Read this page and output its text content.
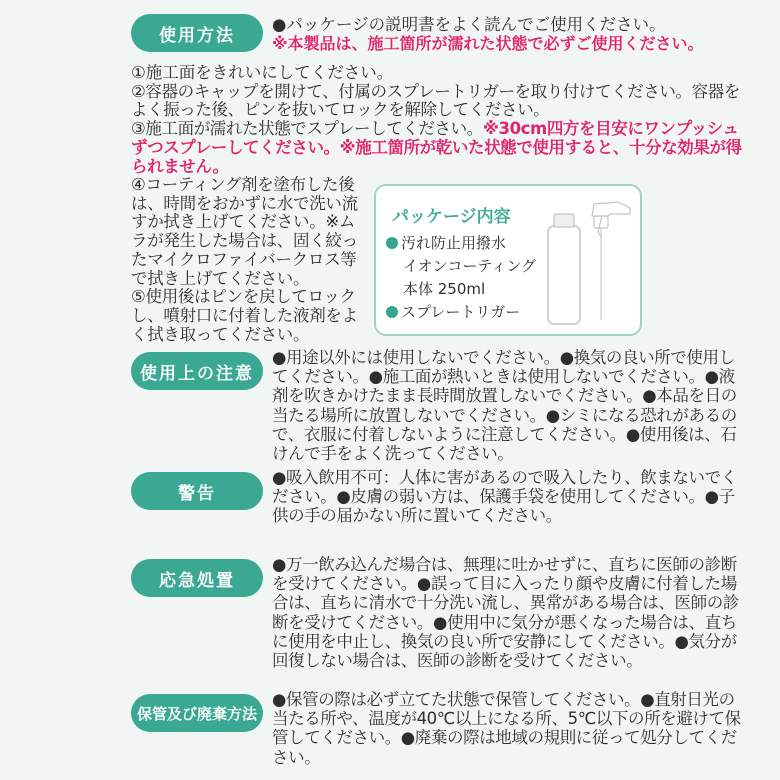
使用方法
●パッケージの説明書をよく読んでご使用ください。
※本製品は、施工箇所が濡れた状態で必ずご使用ください。

①施工面をきれいにしてください。

②容器のキャップを開けて、付属のスプレートリガーを取り付けてください。容器をよく振った後、ピンを抜いてロックを解除してください。

③施工面が濡れた状態でスプレーしてください。※30cm四方を目安にワンプッシュずつスプレーしてください。※施工箇所が乾いた状態で使用すると、十分な効果が得られません。

④コーティング剤を塗布した後は、時間をおかずに水で洗い流すか拭き上げてください。※ムラが発生した場合は、固く絞ったマイクロファイバークロス等で拭き上げてください。

⑤使用後はピンを戻してロックし、噴射口に付着した液剤をよく拭き取ってください。

パッケージ内容
汚れ防止用撥水
イオンコーティング
本体 250ml
スプレートリガー
使用上の注意
●用途以外には使用しないでください。●換気の良い所で使用してください。●施工面が熱いときは使用しないでください。●液剤を吹きかけたまま長時間放置しないでください。●本品を日の当たる場所に放置しないでください。●シミになる恐れがあるので、衣服に付着しないように注意してください。●使用後は、石けんで手をよく洗ってください。
警告
●吸入飲用不可：人体に害があるので吸入したり、飲まないでください。●皮膚の弱い方は、保護手袋を使用してください。●子供の手の届かない所に置いてください。
応急処置
●万一飲み込んだ場合は、無理に吐かせずに、直ちに医師の診断を受けてください。●誤って目に入ったり顔や皮膚に付着した場合は、直ちに清水で十分洗い流し、異常がある場合は、医師の診断を受けてください。●使用中に気分が悪くなった場合は、直ちに使用を中止し、換気の良い所で安静にしてください。●気分が回復しない場合は、医師の診断を受けてください。
保管及び廃棄方法
●保管の際は必ず立てた状態で保管してください。●直射日光の当たる所や、温度が40℃以上になる所、5℃以下の所を避けて保管してください。●廃棄の際は地域の規則に従って処分してください。
